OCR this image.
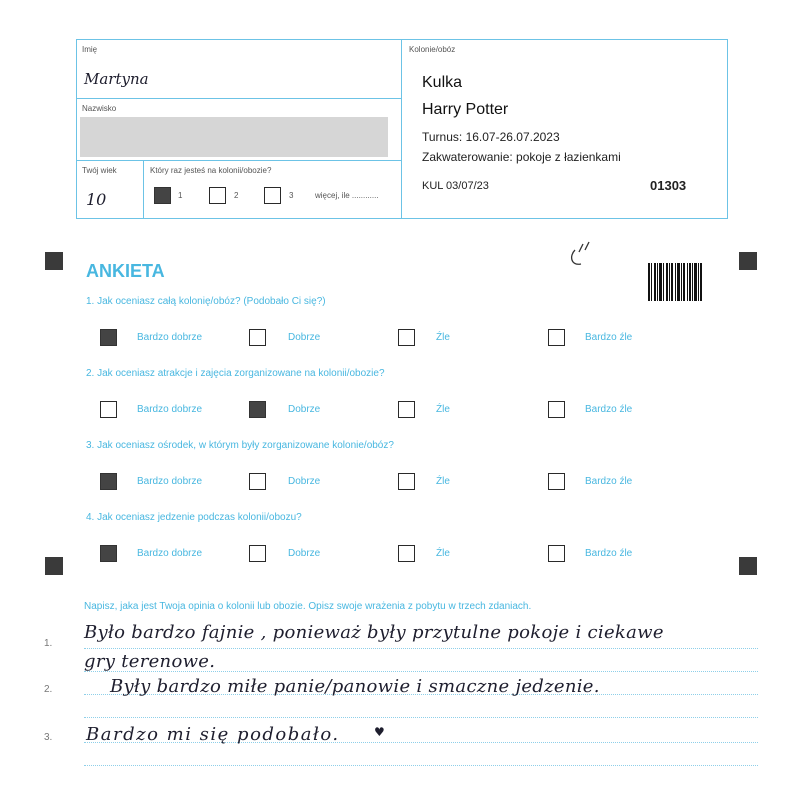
Imię
Martyna
Nazwisko
Twój wiek
10
Który raz jesteś na kolonii/obozie?
1	2	3	więcej, ile ............
Kolonie/obóz
Kulka
Harry Potter
Turnus: 16.07-26.07.2023
Zakwaterowanie: pokoje z łazienkami
KUL 03/07/23	01303
ANKIETA
1. Jak oceniasz całą kolonię/obóz? (Podobało Ci się?)
Bardzo dobrze	Dobrze	Źle	Bardzo źle
2. Jak oceniasz atrakcje i zajęcia zorganizowane na kolonii/obozie?
Bardzo dobrze	Dobrze	Źle	Bardzo źle
3. Jak oceniasz ośrodek, w którym były zorganizowane kolonie/obóz?
Bardzo dobrze	Dobrze	Źle	Bardzo źle
4. Jak oceniasz jedzenie podczas kolonii/obozu?
Bardzo dobrze	Dobrze	Źle	Bardzo źle
Napisz, jaka jest Twoja opinia o kolonii lub obozie. Opisz swoje wrażenia z pobytu w trzech zdaniach.
1.
2.
3.
Było bardzo fajnie , ponieważ były przytulne pokoje i ciekawe
gry terenowe.
Były bardzo miłe panie/panowie i smaczne jedzenie.
Bardzo mi się podobało.	♥
